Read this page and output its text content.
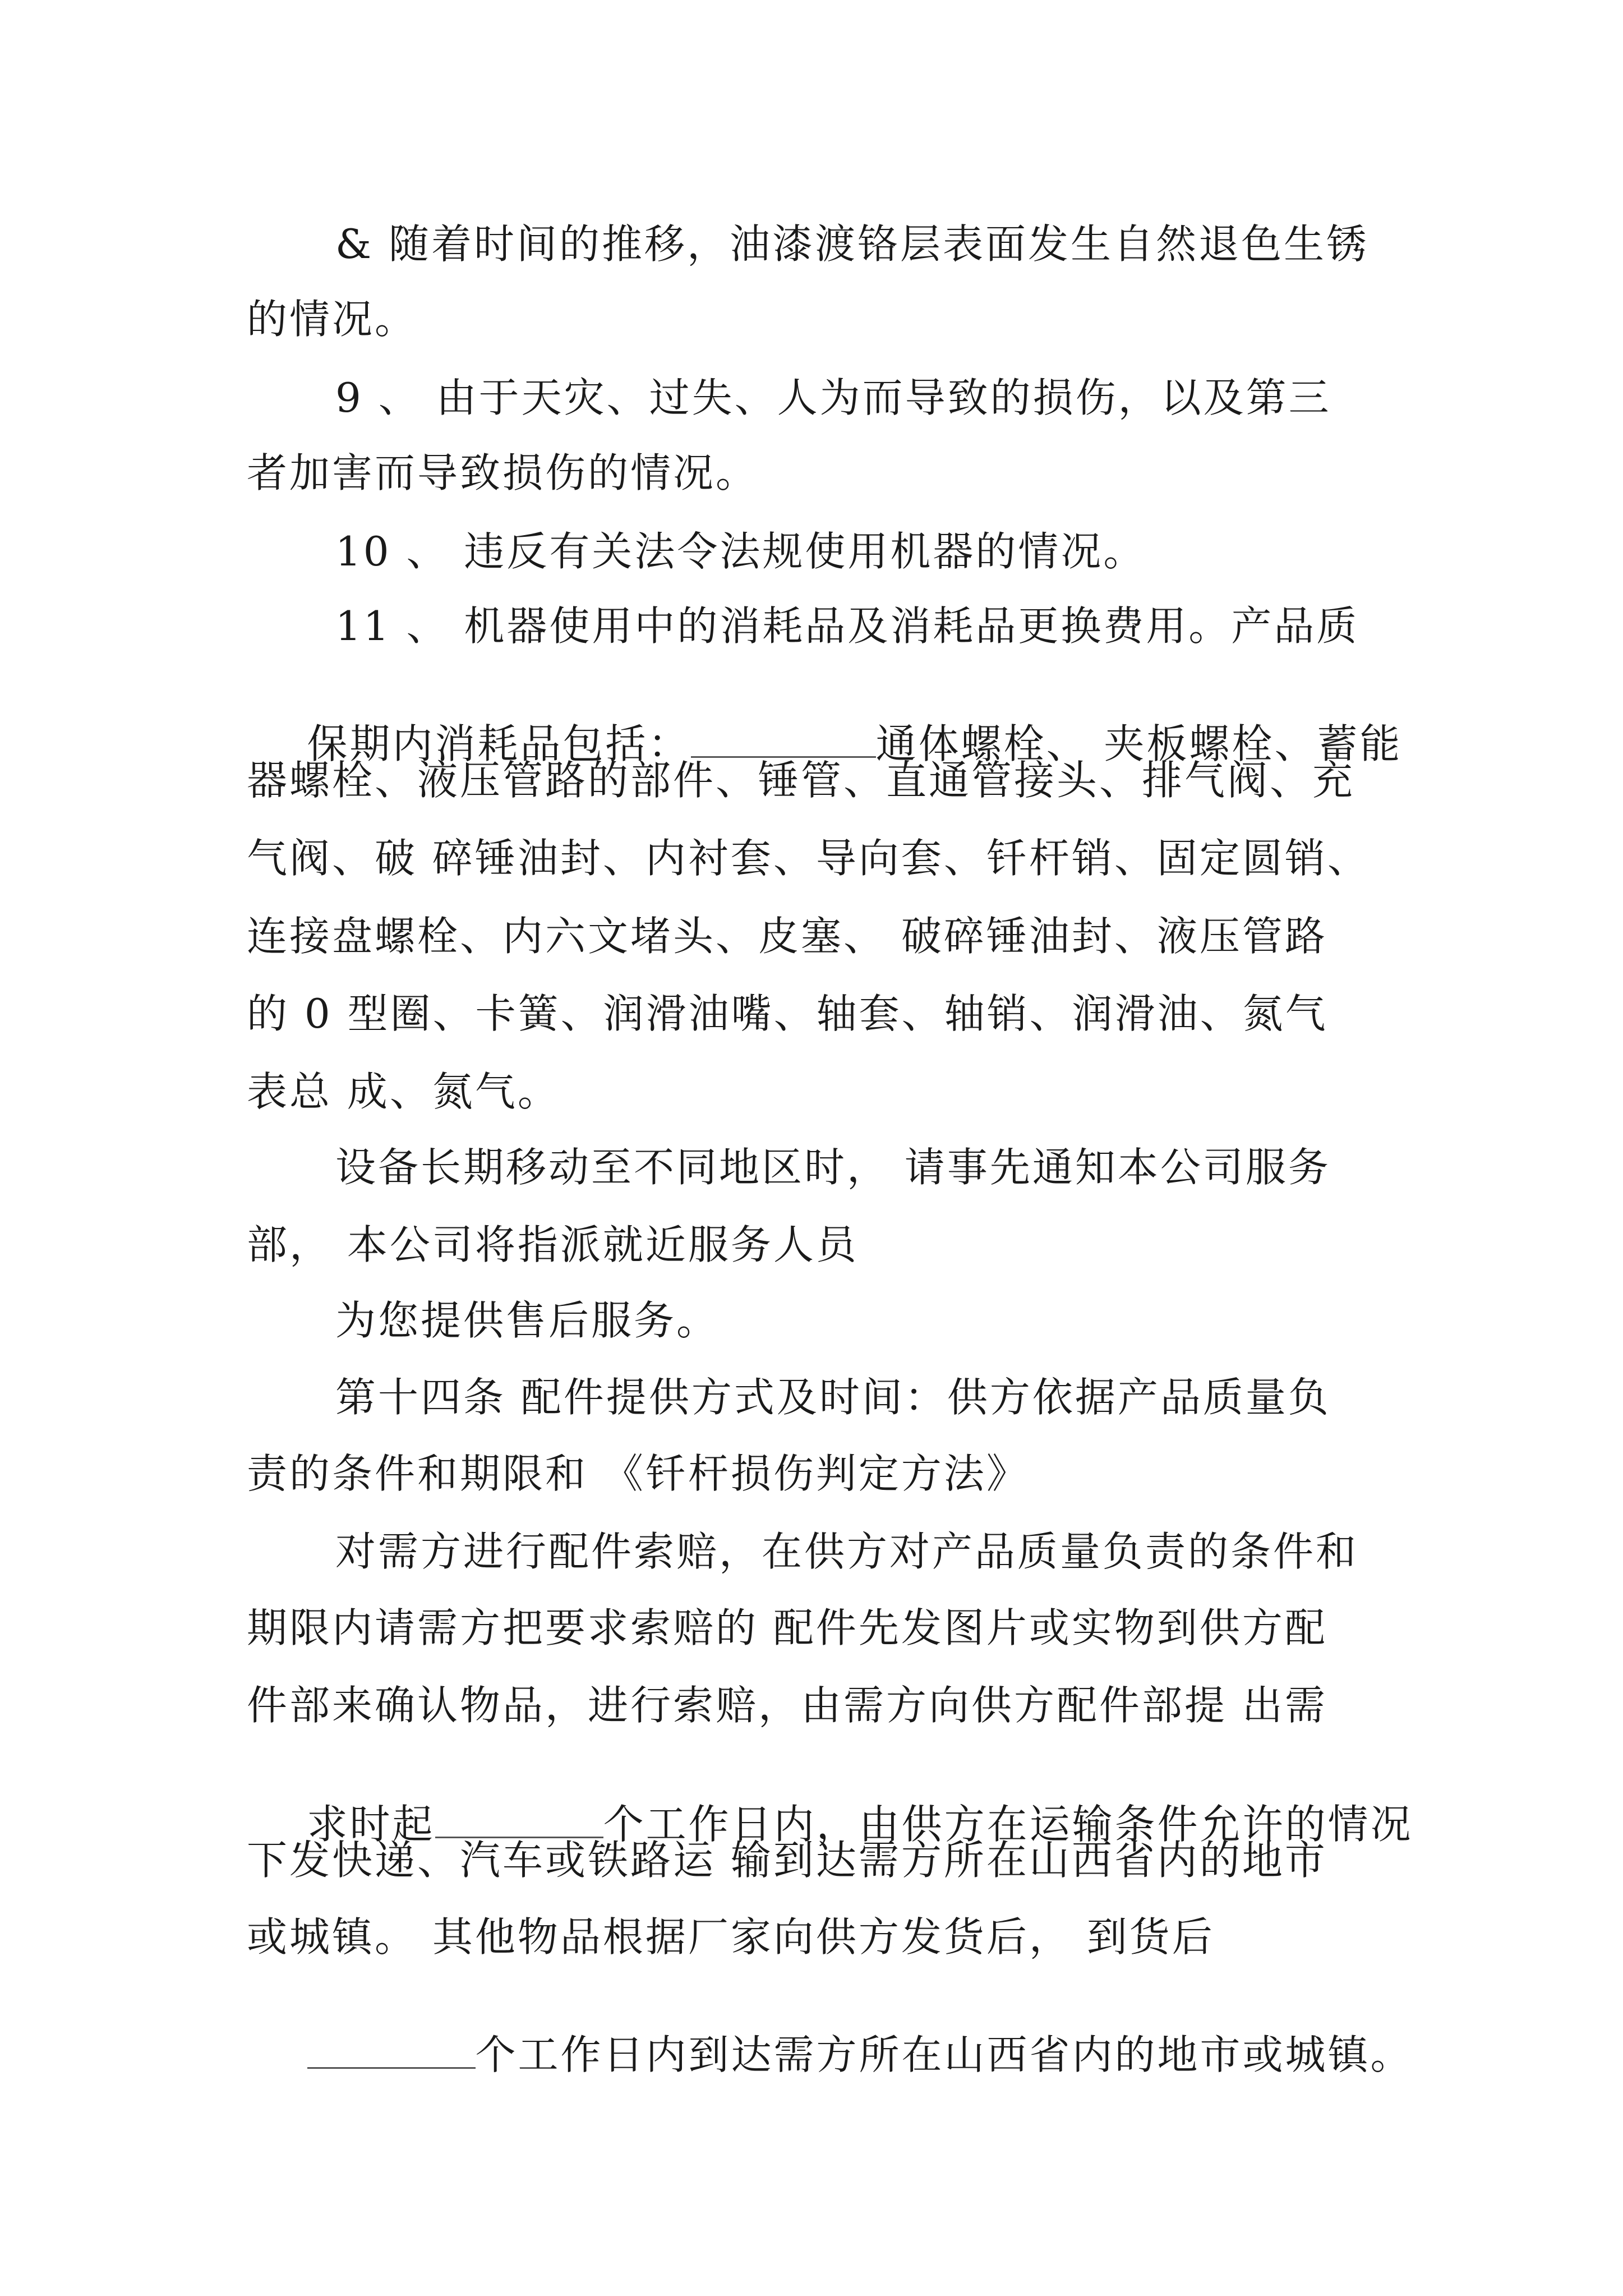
& 随着时间的推移，油漆渡铬层表面发生自然退色生锈
的情况。
9 、 由于天灾、过失、人为而导致的损伤，以及第三
者加害而导致损伤的情况。
10 、 违反有关法令法规使用机器的情况。
11 、 机器使用中的消耗品及消耗品更换费用。产品质

保期内消耗品包括：	通体螺栓、 夹板螺栓、蓄能

器螺栓、液压管路的部件、锤管、直通管接头、排气阀、充
气阀、破 碎锤油封、内衬套、导向套、钎杆销、固定圆销、
连接盘螺栓、内六文堵头、皮塞、 破碎锤油封、液压管路
的 0 型圈、卡簧、润滑油嘴、轴套、轴销、润滑油、氮气
表总 成、氮气。
设备长期移动至不同地区时， 请事先通知本公司服务
部， 本公司将指派就近服务人员
为您提供售后服务。
第十四条 配件提供方式及时间：供方依据产品质量负
责的条件和期限和 《钎杆损伤判定方法》
对需方进行配件索赔，在供方对产品质量负责的条件和
期限内请需方把要求索赔的 配件先发图片或实物到供方配
件部来确认物品，进行索赔，由需方向供方配件部提 出需

求时起	个工作日内，由供方在运输条件允许的情况

下发快递、汽车或铁路运 输到达需方所在山西省内的地市
或城镇。 其他物品根据厂家向供方发货后， 到货后

个工作日内到达需方所在山西省内的地市或城镇。
